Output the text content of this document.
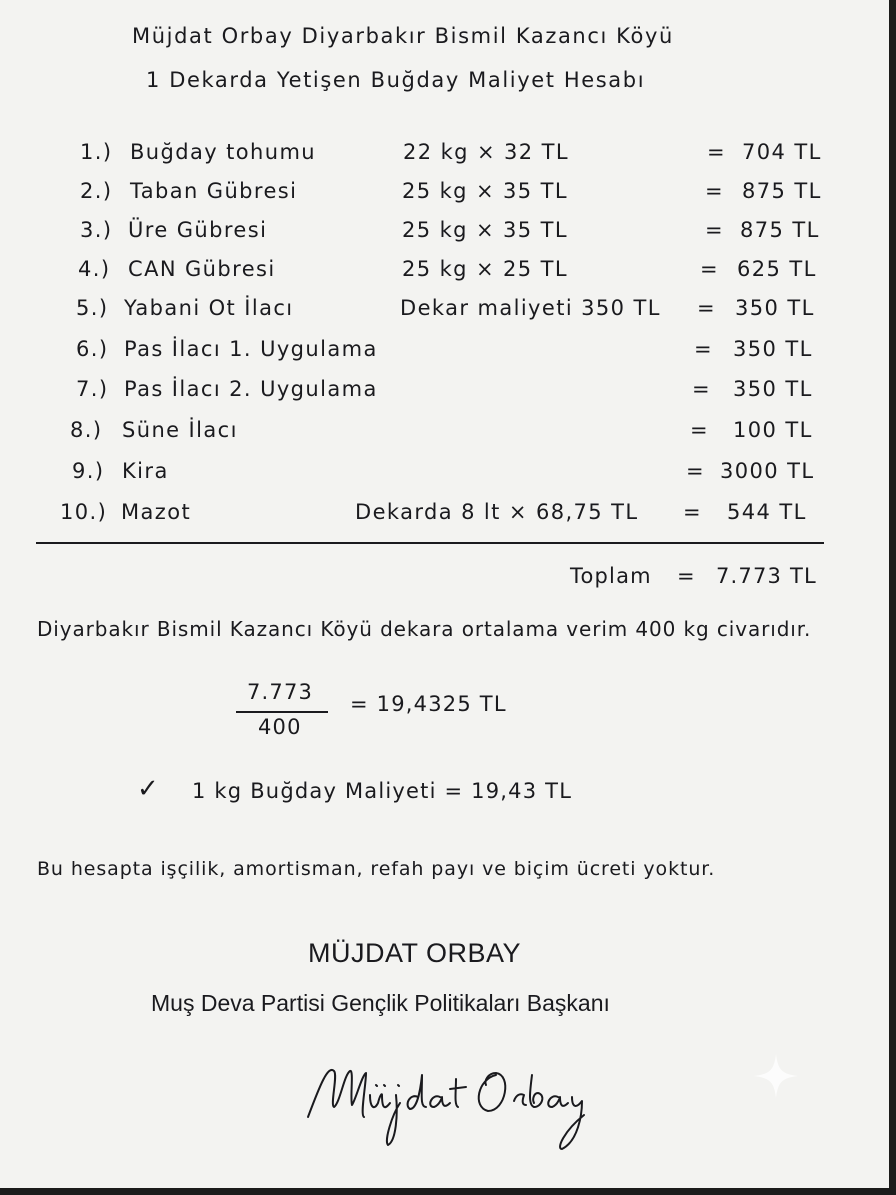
Müjdat Orbay Diyarbakır Bismil Kazancı Köyü
1 Dekarda Yetişen Buğday Maliyet Hesabı
1.) Buğday tohumu	22 kg × 32 TL	= 704 TL
2.) Taban Gübresi	25 kg × 35 TL	= 875 TL
3.) Üre Gübresi	25 kg × 35 TL	= 875 TL
4.) CAN Gübresi	25 kg × 25 TL	= 625 TL
5.) Yabani Ot İlacı	Dekar maliyeti 350 TL = 350 TL
6.) Pas İlacı 1. Uygulama	= 350 TL
7.) Pas İlacı 2. Uygulama	= 350 TL
8.) Süne İlacı	= 100 TL
9.) Kira	= 3000 TL
10.) Mazot	Dekarda 8 lt × 68,75 TL = 544 TL
Toplam = 7.773 TL
Diyarbakır Bismil Kazancı Köyü dekara ortalama verim 400 kg civarıdır.
7.773
400
= 19,4325 TL
✓ 1 kg Buğday Maliyeti = 19,43 TL
Bu hesapta işçilik, amortisman, refah payı ve biçim ücreti yoktur.
MÜJDAT ORBAY
Muş Deva Partisi Gençlik Politikaları Başkanı
